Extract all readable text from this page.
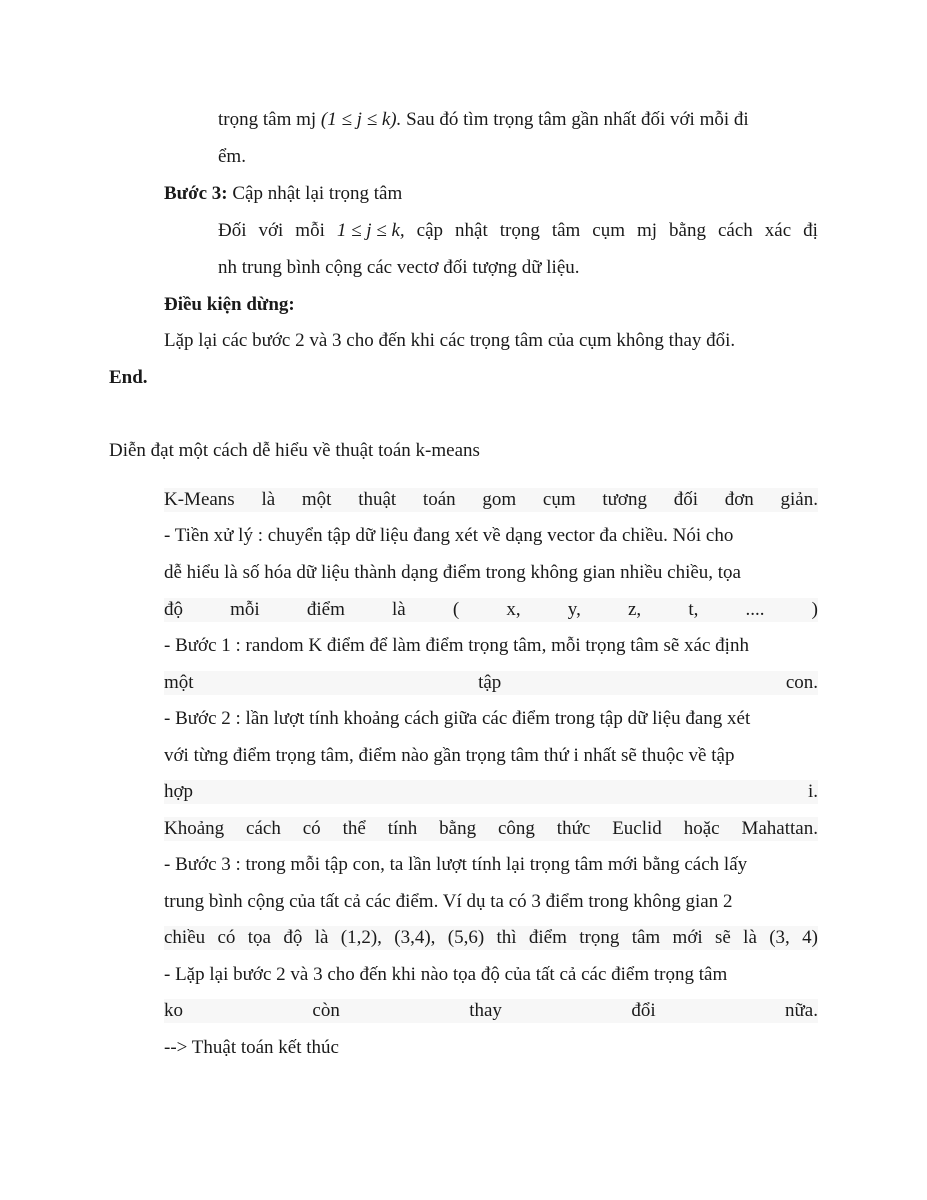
trọng tâm mj (1 ≤ j ≤ k). Sau đó tìm trọng tâm gần nhất đối với mỗi đi
ểm.
Bước 3: Cập nhật lại trọng tâm
Đối với mỗi 1 ≤ j ≤ k, cập nhật trọng tâm cụm mj bằng cách xác đị
nh trung bình cộng các vectơ đối tượng dữ liệu.
Điều kiện dừng:
Lặp lại các bước 2 và 3 cho đến khi các trọng tâm của cụm không thay đổi.
End.
Diễn đạt một cách dễ hiểu về thuật toán k-means
K-Means là một thuật toán gom cụm tương đối đơn giản.
- Tiền xử lý : chuyển tập dữ liệu đang xét về dạng vector đa chiều. Nói cho
dễ hiểu là số hóa dữ liệu thành dạng điểm trong không gian nhiều chiều, tọa
độ mỗi điểm là ( x, y, z, t, .... )
- Bước 1 : random K điểm để làm điểm trọng tâm, mỗi trọng tâm sẽ xác định
một	tập	con.
- Bước 2 : lần lượt tính khoảng cách giữa các điểm trong tập dữ liệu đang xét
với từng điểm trọng tâm, điểm nào gần trọng tâm thứ i nhất sẽ thuộc về tập
hợp	i.
Khoảng cách có thể tính bằng công thức Euclid hoặc Mahattan.
- Bước 3 : trong mỗi tập con, ta lần lượt tính lại trọng tâm mới bằng cách lấy
trung bình cộng của tất cả các điểm. Ví dụ ta có 3 điểm trong không gian 2
chiều có tọa độ là (1,2), (3,4), (5,6) thì điểm trọng tâm mới sẽ là (3, 4)
- Lặp lại bước 2 và 3 cho đến khi nào tọa độ của tất cả các điểm trọng tâm
ko	còn	thay	đổi	nữa.
--> Thuật toán kết thúc
